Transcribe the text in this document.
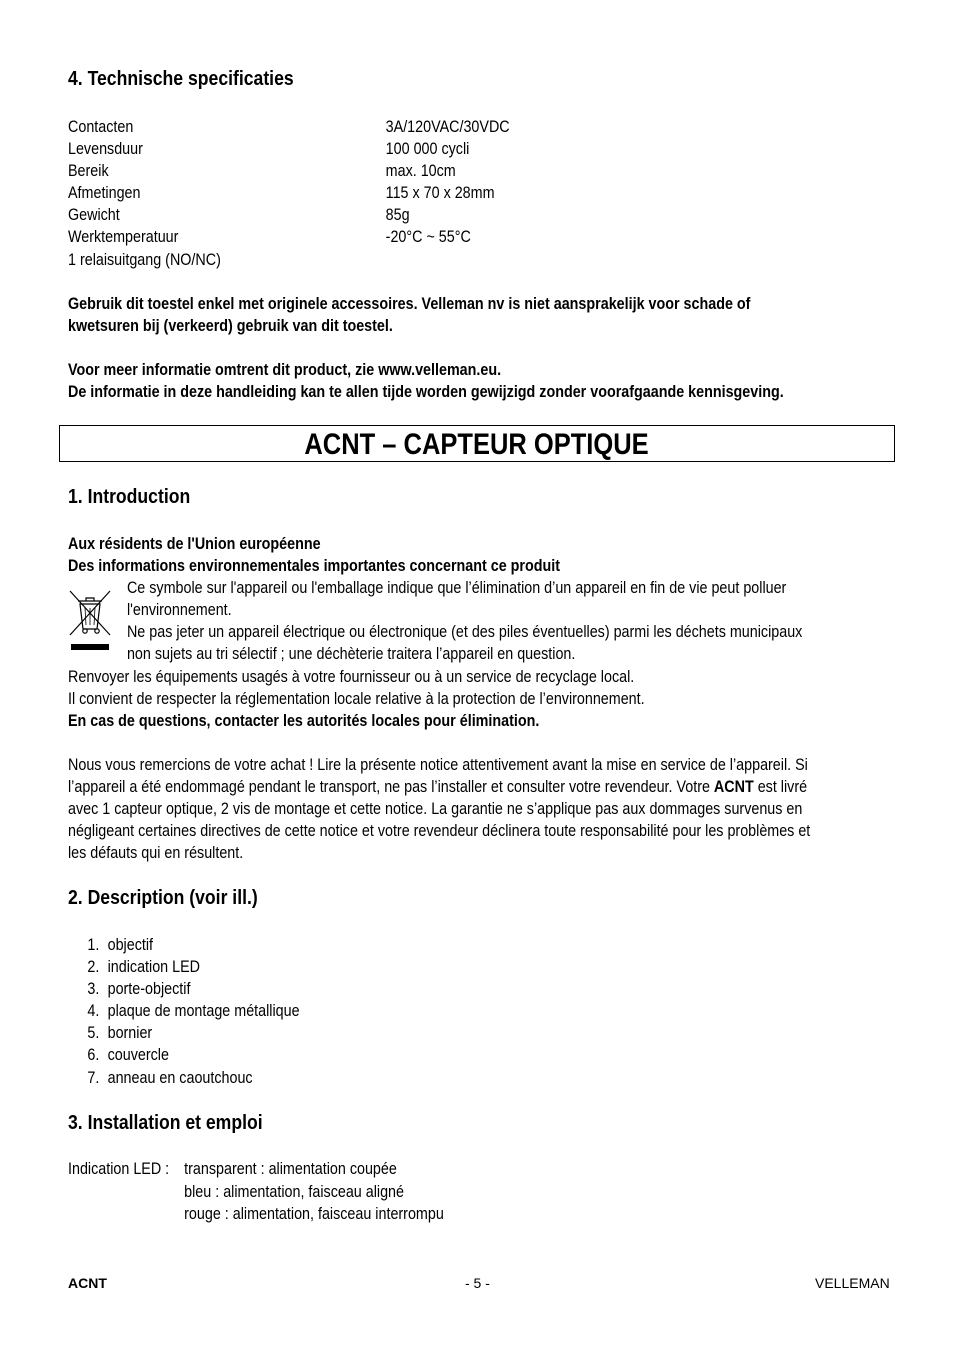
4. Technische specificaties
Contacten	3A/120VAC/30VDC
Levensduur	100 000 cycli
Bereik	max. 10cm
Afmetingen	115 x 70 x 28mm
Gewicht	85g
Werktemperatuur	-20°C ~ 55°C
1 relaisuitgang (NO/NC)
Gebruik dit toestel enkel met originele accessoires. Velleman nv is niet aansprakelijk voor schade of
kwetsuren bij (verkeerd) gebruik van dit toestel.
Voor meer informatie omtrent dit product, zie www.velleman.eu.
De informatie in deze handleiding kan te allen tijde worden gewijzigd zonder voorafgaande kennisgeving.
1. Introduction
Aux résidents de l'Union européenne
Des informations environnementales importantes concernant ce produit
Ce symbole sur l'appareil ou l'emballage indique que l’élimination d’un appareil en fin de vie peut polluer
l'environnement.
Ne pas jeter un appareil électrique ou électronique (et des piles éventuelles) parmi les déchets municipaux
non sujets au tri sélectif ; une déchèterie traitera l’appareil en question.
Renvoyer les équipements usagés à votre fournisseur ou à un service de recyclage local.
Il convient de respecter la réglementation locale relative à la protection de l’environnement.
En cas de questions, contacter les autorités locales pour élimination.
Nous vous remercions de votre achat ! Lire la présente notice attentivement avant la mise en service de l’appareil. Si
l’appareil a été endommagé pendant le transport, ne pas l’installer et consulter votre revendeur. Votre ACNT est livré
avec 1 capteur optique, 2 vis de montage et cette notice. La garantie ne s’applique pas aux dommages survenus en
négligeant certaines directives de cette notice et votre revendeur déclinera toute responsabilité pour les problèmes et
les défauts qui en résultent.
2. Description (voir ill.)
1. objectif
2. indication LED
3. porte-objectif
4. plaque de montage métallique
5. bornier
6. couvercle
7. anneau en caoutchouc
3. Installation et emploi
Indication LED : transparent : alimentation coupée
bleu : alimentation, faisceau aligné
rouge : alimentation, faisceau interrompu
ACNT – CAPTEUR OPTIQUE
ACNT	- 5 -	VELLEMAN
